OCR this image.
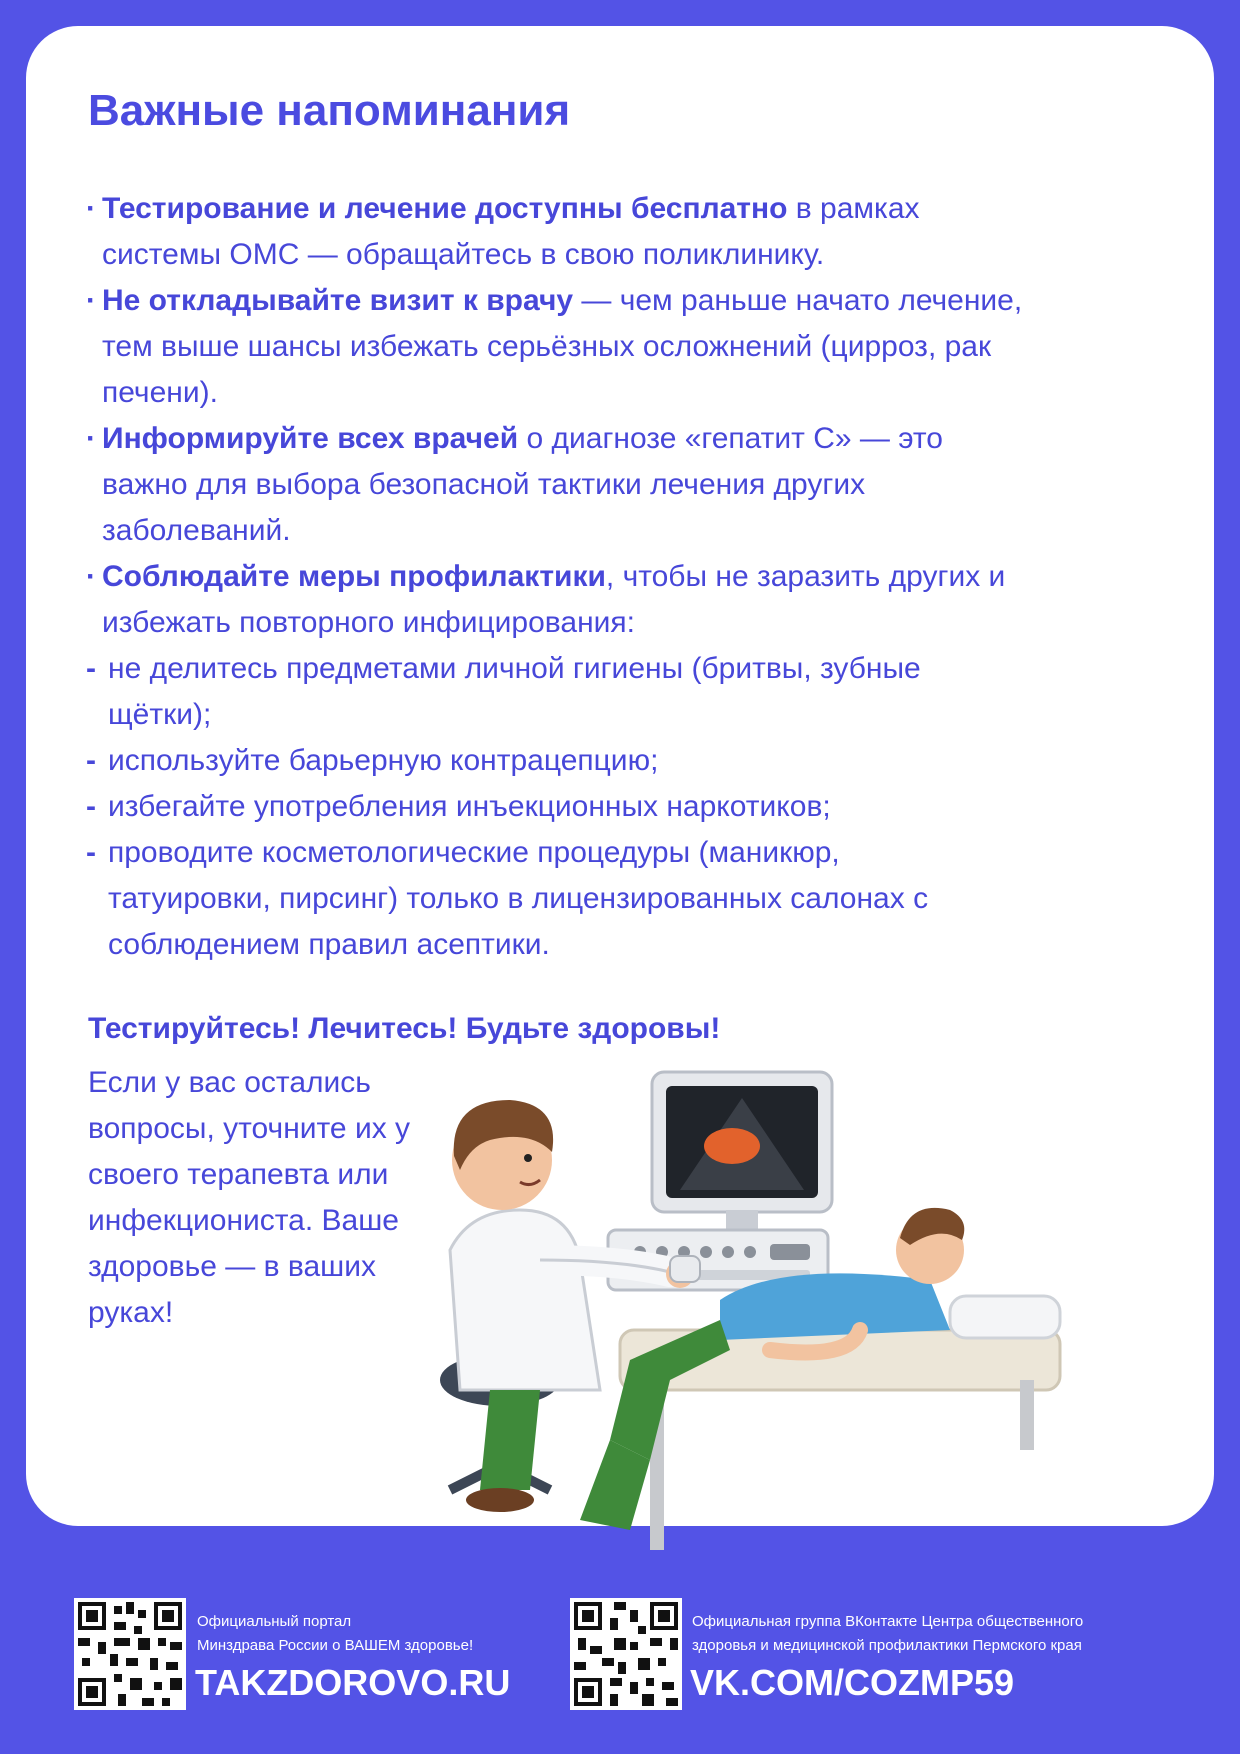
Важные напоминания
· Тестирование и лечение доступны бесплатно в рамках
системы ОМС — обращайтесь в свою поликлинику.
· Не откладывайте визит к врачу — чем раньше начато лечение,
тем выше шансы избежать серьёзных осложнений (цирроз, рак
печени).
· Информируйте всех врачей о диагнозе «гепатит С» — это
важно для выбора безопасной тактики лечения других
заболеваний.
· Соблюдайте меры профилактики, чтобы не заразить других и
избежать повторного инфицирования:
- не делитесь предметами личной гигиены (бритвы, зубные
щётки);
- используйте барьерную контрацепцию;
- избегайте употребления инъекционных наркотиков;
- проводите косметологические процедуры (маникюр,
татуировки, пирсинг) только в лицензированных салонах с
соблюдением правил асептики.
Тестируйтесь! Лечитесь! Будьте здоровы!
Если у вас остались
вопросы, уточните их у
своего терапевта или
инфекциониста. Ваше
здоровье — в ваших
руках!
Официальный портал
Минздрава России о ВАШЕМ здоровье!
TAKZDOROVO.RU
Официальная группа ВКонтакте Центра общественного
здоровья и медицинской профилактики Пермского края
VK.COM/COZMP59
